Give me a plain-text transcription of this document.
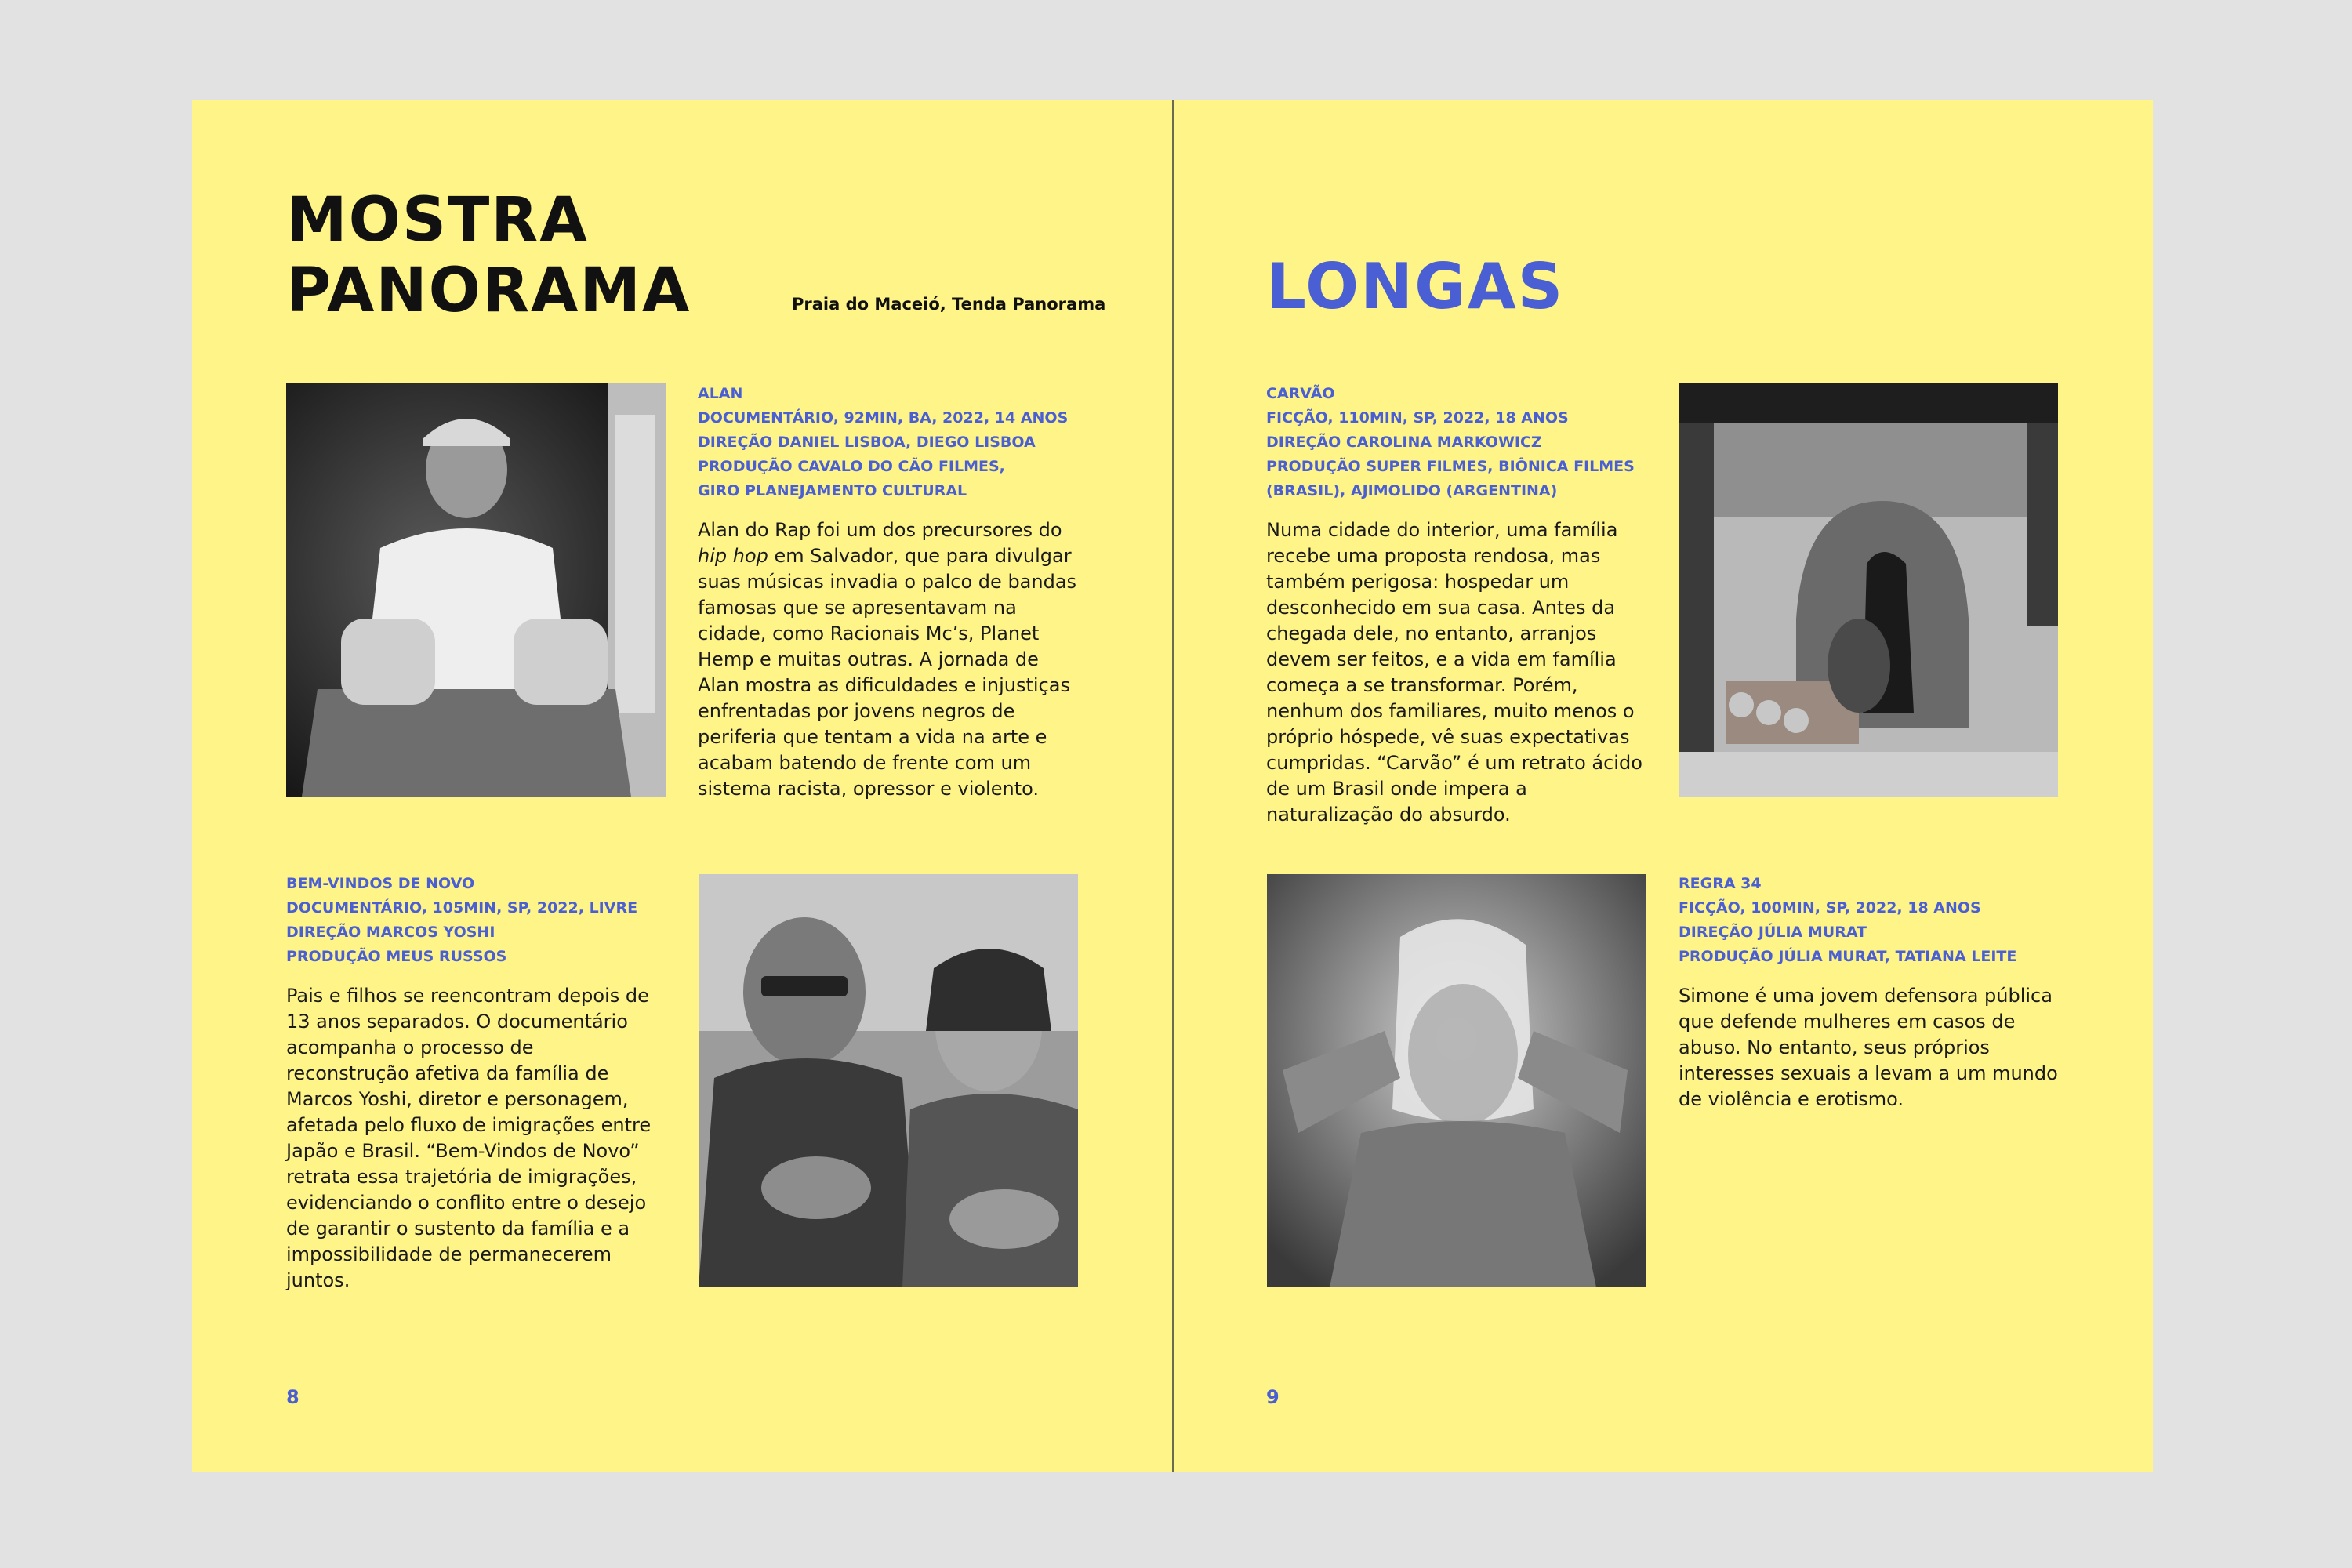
MOSTRA
PANORAMA	Praia do Maceió, Tenda Panorama
ALAN
DOCUMENTÁRIO, 92MIN, BA, 2022, 14 ANOS
DIREÇÃO DANIEL LISBOA, DIEGO LISBOA
PRODUÇÃO CAVALO DO CÃO FILMES, GIRO PLANEJAMENTO CULTURAL
Alan do Rap foi um dos precursores do hip hop em Salvador, que para divulgar suas músicas invadia o palco de bandas famosas que se apresentavam na cidade, como Racionais Mc’s, Planet Hemp e muitas outras. A jornada de Alan mostra as dificuldades e injustiças enfrentadas por jovens negros de periferia que tentam a vida na arte e acabam batendo de frente com um sistema racista, opressor e violento.
BEM-VINDOS DE NOVO
DOCUMENTÁRIO, 105MIN, SP, 2022, LIVRE
DIREÇÃO MARCOS YOSHI
PRODUÇÃO MEUS RUSSOS
Pais e filhos se reencontram depois de 13 anos separados. O documentário acompanha o processo de reconstrução afetiva da família de Marcos Yoshi, diretor e personagem, afetada pelo fluxo de imigrações entre Japão e Brasil. “Bem-Vindos de Novo” retrata essa trajetória de imigrações, evidenciando o conflito entre o desejo de garantir o sustento da família e a impossibilidade de permanecerem juntos.
8
LONGAS
CARVÃO
FICÇÃO, 110MIN, SP, 2022, 18 ANOS
DIREÇÃO CAROLINA MARKOWICZ
PRODUÇÃO SUPER FILMES, BIÔNICA FILMES (BRASIL), AJIMOLIDO (ARGENTINA)
Numa cidade do interior, uma família recebe uma proposta rendosa, mas também perigosa: hospedar um desconhecido em sua casa. Antes da chegada dele, no entanto, arranjos devem ser feitos, e a vida em família começa a se transformar. Porém, nenhum dos familiares, muito menos o próprio hóspede, vê suas expectativas cumpridas. “Carvão” é um retrato ácido de um Brasil onde impera a naturalização do absurdo.
REGRA 34
FICÇÃO, 100MIN, SP, 2022, 18 ANOS
DIREÇÃO JÚLIA MURAT
PRODUÇÃO JÚLIA MURAT, TATIANA LEITE
Simone é uma jovem defensora pública que defende mulheres em casos de abuso. No entanto, seus próprios interesses sexuais a levam a um mundo de violência e erotismo.
9
